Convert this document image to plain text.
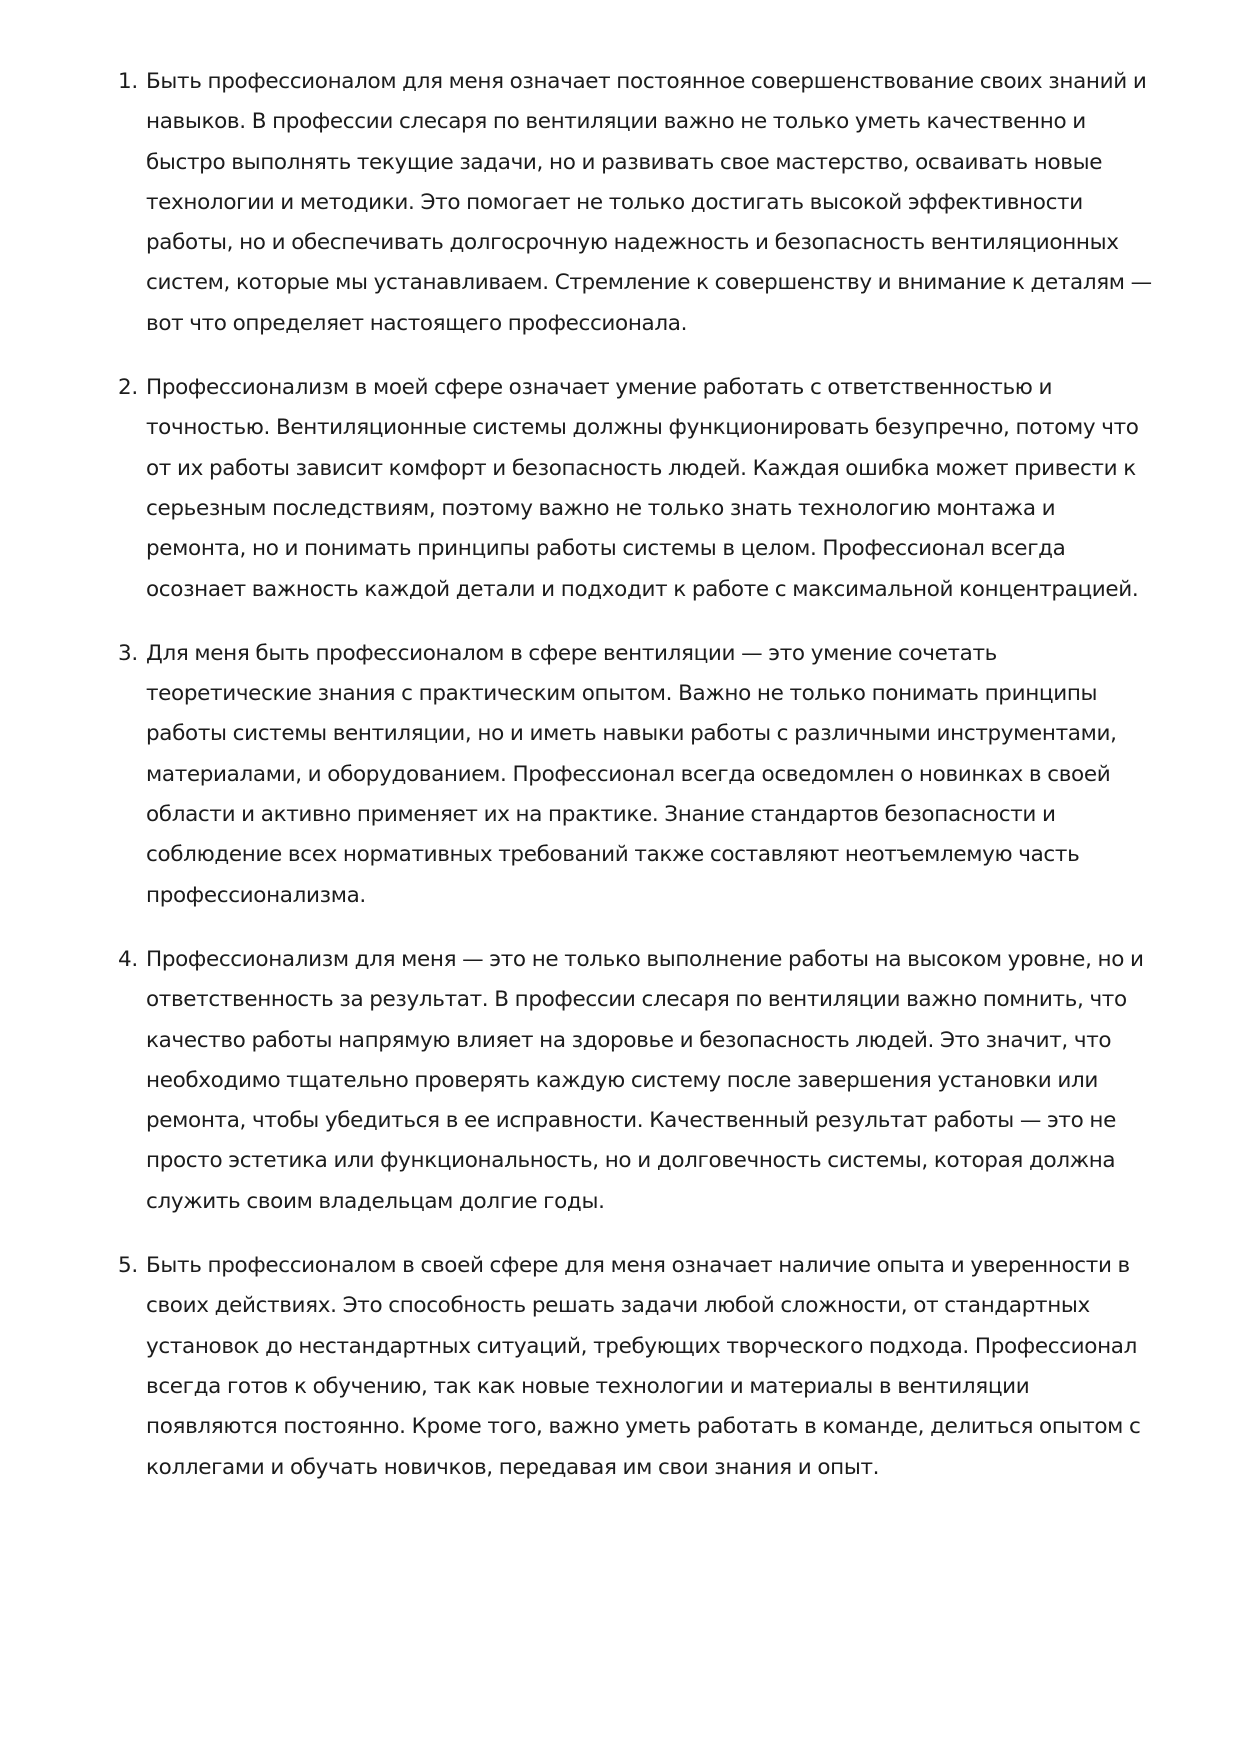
1. Быть профессионалом для меня означает постоянное совершенствование своих знаний и навыков. В профессии слесаря по вентиляции важно не только уметь качественно и быстро выполнять текущие задачи, но и развивать свое мастерство, осваивать новые технологии и методики. Это помогает не только достигать высокой эффективности работы, но и обеспечивать долгосрочную надежность и безопасность вентиляционных систем, которые мы устанавливаем. Стремление к совершенству и внимание к деталям — вот что определяет настоящего профессионала.
2. Профессионализм в моей сфере означает умение работать с ответственностью и точностью. Вентиляционные системы должны функционировать безупречно, потому что от их работы зависит комфорт и безопасность людей. Каждая ошибка может привести к серьезным последствиям, поэтому важно не только знать технологию монтажа и ремонта, но и понимать принципы работы системы в целом. Профессионал всегда осознает важность каждой детали и подходит к работе с максимальной концентрацией.
3. Для меня быть профессионалом в сфере вентиляции — это умение сочетать теоретические знания с практическим опытом. Важно не только понимать принципы работы системы вентиляции, но и иметь навыки работы с различными инструментами, материалами, и оборудованием. Профессионал всегда осведомлен о новинках в своей области и активно применяет их на практике. Знание стандартов безопасности и соблюдение всех нормативных требований также составляют неотъемлемую часть профессионализма.
4. Профессионализм для меня — это не только выполнение работы на высоком уровне, но и ответственность за результат. В профессии слесаря по вентиляции важно помнить, что качество работы напрямую влияет на здоровье и безопасность людей. Это значит, что необходимо тщательно проверять каждую систему после завершения установки или ремонта, чтобы убедиться в ее исправности. Качественный результат работы — это не просто эстетика или функциональность, но и долговечность системы, которая должна служить своим владельцам долгие годы.
5. Быть профессионалом в своей сфере для меня означает наличие опыта и уверенности в своих действиях. Это способность решать задачи любой сложности, от стандартных установок до нестандартных ситуаций, требующих творческого подхода. Профессионал всегда готов к обучению, так как новые технологии и материалы в вентиляции появляются постоянно. Кроме того, важно уметь работать в команде, делиться опытом с коллегами и обучать новичков, передавая им свои знания и опыт.
